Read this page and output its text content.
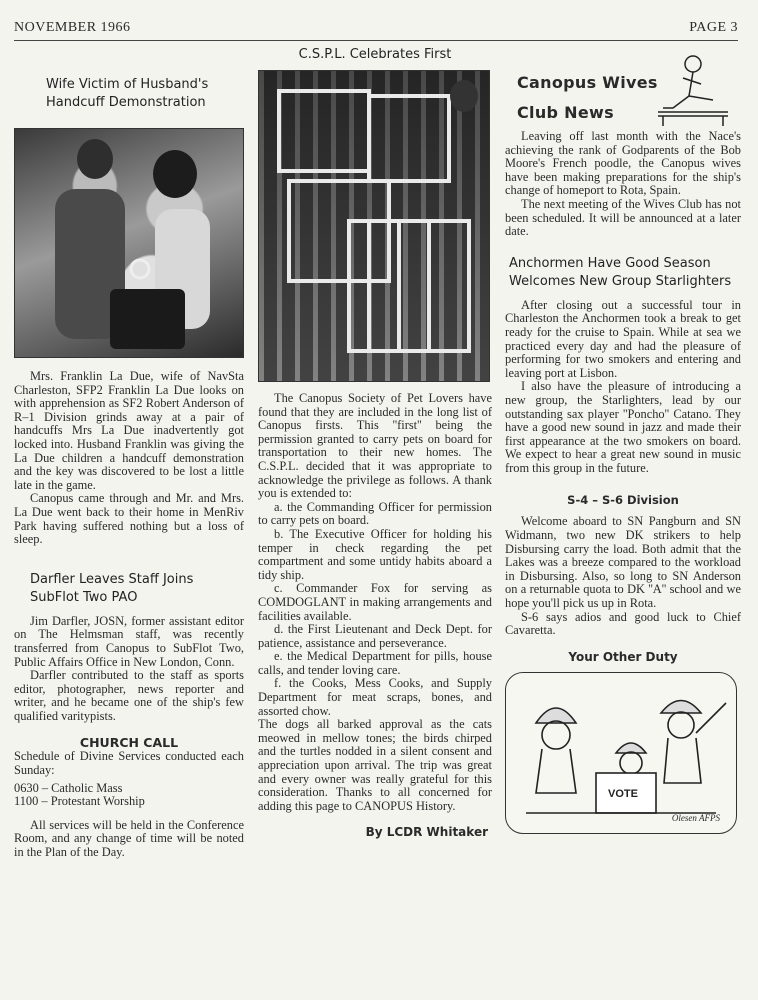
NOVEMBER 1966	PAGE 3
Wife Victim of Husband's Handcuff Demonstration

Mrs. Franklin La Due, wife of NavSta Charleston, SFP2 Franklin La Due looks on with apprehension as SF2 Robert Anderson of R–1 Division grinds away at a pair of handcuffs Mrs La Due inadvertently got locked into. Husband Franklin was giving the La Due children a handcuff demonstration and the key was discovered to be lost a little late in the game.

Canopus came through and Mr. and Mrs. La Due went back to their home in MenRiv Park having suffered nothing but a loss of sleep.

Darfler Leaves Staff Joins SubFlot Two PAO

Jim Darfler, JOSN, former assistant editor on The Helmsman staff, was recently transferred from Canopus to SubFlot Two, Public Affairs Office in New London, Conn.

Darfler contributed to the staff as sports editor, photographer, news reporter and writer, and he became one of the ship's few qualified varitypists.

CHURCH CALL

Schedule of Divine Services conducted each Sunday:

0630 – Catholic Mass

1100 – Protestant Worship

All services will be held in the Conference Room, and any change of time will be noted in the Plan of the Day.

C.S.P.L. Celebrates First

The Canopus Society of Pet Lovers have found that they are included in the long list of Canopus firsts. This ''first'' being the permission granted to carry pets on board for transportation to their new homes. The C.S.P.L. decided that it was appropriate to acknowledge the privilege as follows. A thank you is extended to:

a. the Commanding Officer for permission to carry pets on board.

b. The Executive Officer for holding his temper in check regarding the pet compartment and some untidy habits aboard a tidy ship.

c. Commander Fox for serving as COMDOGLANT in making arrangements and facilities available.

d. the First Lieutenant and Deck Dept. for patience, assistance and perseverance.

e. the Medical Department for pills, house calls, and tender loving care.

f. the Cooks, Mess Cooks, and Supply Department for meat scraps, bones, and assorted chow.

The dogs all barked approval as the cats meowed in mellow tones; the birds chirped and the turtles nodded in a silent consent and appreciation upon arrival. The trip was great and every owner was really grateful for this consideration. Thanks to all concerned for adding this page to CANOPUS History.

By LCDR Whitaker
Canopus Wives
Club News

Leaving off last month with the Nace's achieving the rank of Godparents of the Bob Moore's French poodle, the Canopus wives have been making preparations for the ship's change of homeport to Rota, Spain.

The next meeting of the Wives Club has not been scheduled. It will be announced at a later date.

Anchormen Have Good Season Welcomes New Group Starlighters

After closing out a successful tour in Charleston the Anchormen took a break to get ready for the cruise to Spain. While at sea we practiced every day and had the pleasure of performing for two smokers and entering and leaving port at Lisbon.

I also have the pleasure of introducing a new group, the Starlighters, lead by our outstanding sax player ''Poncho'' Catano. They have a good new sound in jazz and made their first appearance at the two smokers on board. We expect to hear a great new sound in music from this group in the future.

S-4 – S-6 Division

Welcome aboard to SN Pangburn and SN Widmann, two new DK strikers to help Disbursing carry the load. Both admit that the Lakes was a breeze compared to the workload in Disbursing. Also, so long to SN Anderson on a returnable quota to DK ''A'' school and we hope you'll pick us up in Rota.

S-6 says adios and good luck to Chief Cavaretta.

Your Other Duty
VOTE
Olesen AFPS
